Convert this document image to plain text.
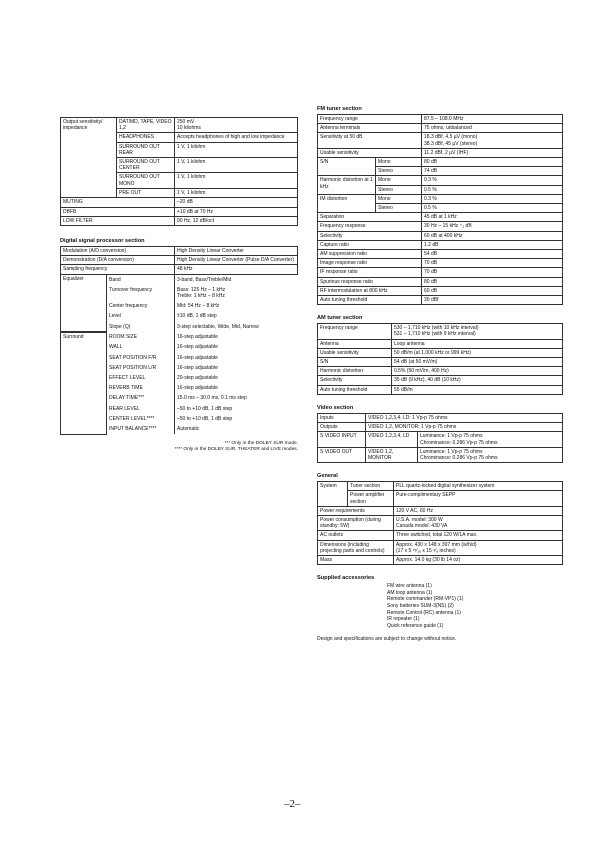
Output sensitivity/ impedance	DAT/MD, TAPE, VIDEO 1,2	250 mV
10 kilohms
	HEADPHONES	Accepts headphones of high and low impedance
	SURROUND OUT REAR	1 V, 1 kilohm
	SURROUND OUT CENTER	1 V, 1 kilohm
	SURROUND OUT MONO	1 V, 1 kilohm
	PRE OUT	1 V, 1 kilohm
MUTING	–20 dB
DBFB	+10 dB at 70 Hz
LOW FILTER	90 Hz, 12 dB/oct
Digital signal processor section
Modulation (A/D conversion)	High Density Linear Converter
Demonstration (D/A conversion)	High Density Linear Converter (Pulse D/A Converter)
Sampling frequency	48 kHz
Equalizer	Band	3-band, Bass/Treble/Mid
	Turnover frequency	Bass: 125 Hz – 1 kHz
Treble: 1 kHz – 8 kHz
	Center frequency	Mid: 54 Hz – 8 kHz
	Level	±10 dB, 1 dB step
	Slope (Q)	3-step selectable, Wide, Mid, Narrow
Surround	ROOM SIZE	16-step adjustable
	WALL	16-step adjustable
	SEAT POSITION F/R	16-step adjustable
	SEAT POSITION L/R	16-step adjustable
	EFFECT LEVEL	20-step adjustable
	REVERB TIME	16-step adjustable
	DELAY TIME***	15.0 ms – 30.0 ms, 0.1 ms step
	REAR LEVEL	–50 to +10 dB, 1 dB step
	CENTER LEVEL****	–50 to +10 dB, 1 dB step
	INPUT BALANCE****	Automatic
*** Only in the DOLBY SUR mode.
**** Only in the DOLBY SUR, THEATER and LIVE modes.
FM tuner section
Frequency range		87.5 – 108.0 MHz
Antenna terminals		75 ohms, unbalanced
Sensitivity at 50 dB		18.3 dBf, 4.5 µV (mono)
38.3 dBf, 45 µV (stereo)
Usable sensitivity		11.2 dBf, 2 µV (IHF)
S/N	Mono	80 dB
	Stereo	74 dB
Harmonic distortion at 1 kHz	Mono	0.3 %
	Stereo	0.5 %
IM distortion	Mono	0.3 %
	Stereo	0.5 %
Separation		45 dB at 1 kHz
Frequency response		30 Hz – 15 kHz ⁺₂ dB
Selectivity		60 dB at 400 kHz
Capture ratio		1.2 dB
AM suppression ratio		54 dB
Image response ratio		70 dB
IF response ratio		70 dB
Spurious response ratio		80 dB
RF intermodulation at 800 kHz		60 dB
Auto tuning threshold		30 dBf
AM tuner section
Frequency range	530 – 1,710 kHz (with 10 kHz interval)
531 – 1,710 kHz (with 9 kHz interval)
Antenna	Loop antenna
Usable sensitivity	50 dB/m (at 1,000 kHz or 999 kHz)
S/N	54 dB (at 50 mV/m)
Harmonic distortion	0.5% (50 mV/m, 400 Hz)
Selectivity	35 dB (9 kHz), 40 dB (10 kHz)
Auto tuning threshold	55 dB/m
Video section
Inputs	VIDEO 1,2,3,4, LD: 1 Vp-p 75 ohms	
Outputs	VIDEO 1,2, MONITOR: 1 Vp-p 75 ohms	
S VIDEO INPUT	VIDEO 1,2,3,4, LD	Luminance: 1 Vp-p 75 ohms
Chrominance: 0.286 Vp-p 75 ohms
S VIDEO OUT	VIDEO 1,2, MONITOR	Luminance: 1 Vp-p 75 ohms
Chrominance: 0.286 Vp-p 75 ohms
General
System	Tuner section	PLL quartz-locked digital synthesizer system
	Power amplifier section	Pure-complimentary SEPP
Power requirements		120 V AC, 60 Hz
Power consumption (during standby: 5W)		U.S.A. model: 300 W
Canada model: 430 VA
AC outlets		Three switched, total 120 W/1A max.
Dimensions (including projecting parts and controls)		Approx. 430 x 148 x 397 mm (w/h/d)
(17 x 5 ¹⁵⁄₁₆ x 15 ⁵⁄₈ inches)
Mass		Approx. 14.0 kg (30 lb 14 oz)
Supplied accessories
FM wire antenna (1)
AM loop antenna (1)
Remote commander (RM-VP1) (1)
Sony batteries SUM-3(NS) (2)
Remote Control (RC) antenna (1)
IR repeater (1)
Quick reference guide (1)
Design and specifications are subject to change without notice.
–2–
